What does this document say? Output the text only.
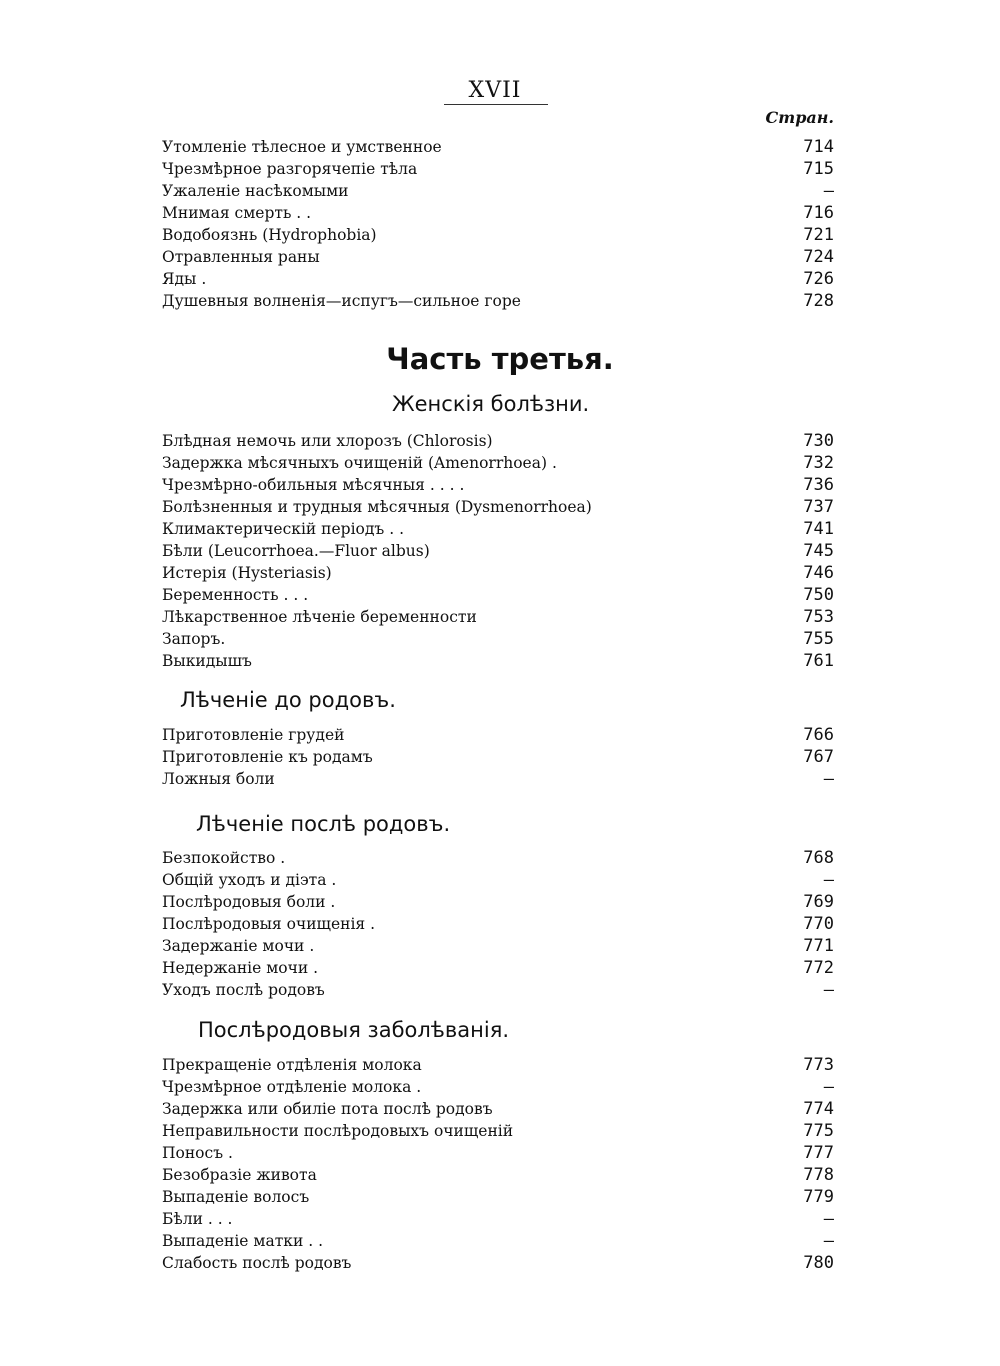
XVII
Стран.
Утомленіе тѣлесное и умственное	714
Чрезмѣрное разгорячепіе тѣла	715
Ужаленіе насѣкомыми	—
Мнимая смерть . .	716
Водобоязнь (Hydrophobia)	721
Отравленныя раны	724
Яды .	726
Душевныя волненія—испугъ—сильное горе	728
Часть третья.
Женскія болѣзни.
Блѣдная немочь или хлорозъ (Chlorosis)	730
Задержка мѣсячныхъ очищеній (Amenorrhoea) .	732
Чрезмѣрно-обильныя мѣсячныя . . . .	736
Болѣзненныя и трудныя мѣсячныя (Dysmenorrhoea)	737
Климактерическій періодъ . .	741
Бѣли (Leucorrhoea.—Fluor albus)	745
Истерія (Hysteriasis)	746
Беременность . . .	750
Лѣкарственное лѣченіе беременности	753
Запоръ.	755
Выкидышъ	761
Лѣченіе до родовъ.
Приготовленіе грудей	766
Приготовленіе къ родамъ	767
Ложныя боли	—
Лѣченіе послѣ родовъ.
Безпокойство .	768
Общій уходъ и діэта .	—
Послѣродовыя боли .	769
Послѣродовыя очищенія .	770
Задержаніе мочи .	771
Недержаніе мочи .	772
Уходъ послѣ родовъ	—
Послѣродовыя заболѣванія.
Прекращеніе отдѣленія молока	773
Чрезмѣрное отдѣленіе молока .	—
Задержка или обиліе пота послѣ родовъ	774
Неправильности послѣродовыхъ очищеній	775
Поносъ .	777
Безобразіе живота	778
Выпаденіе волосъ	779
Бѣли . . .	—
Выпаденіе матки . .	—
Слабость послѣ родовъ	780
